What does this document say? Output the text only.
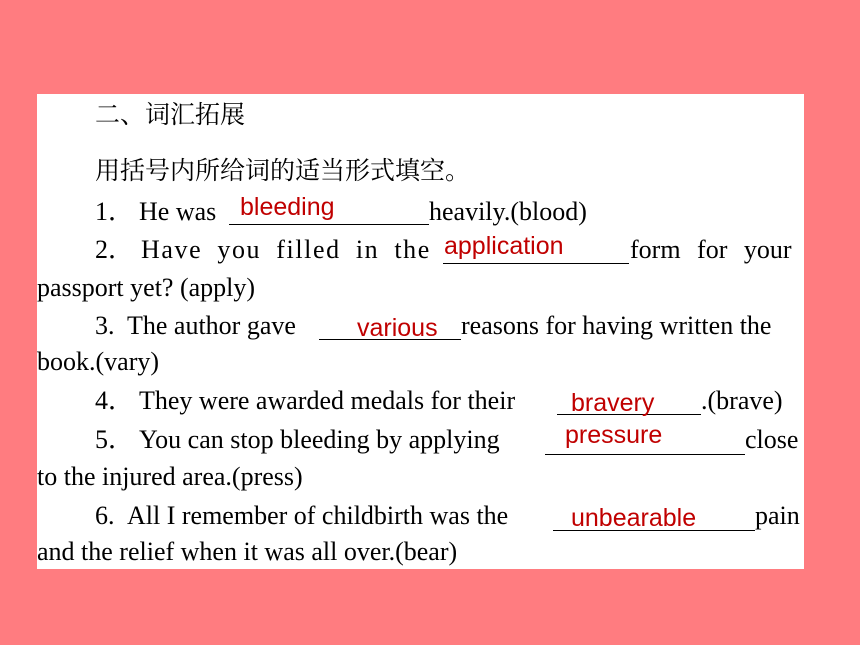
二、词汇拓展
用括号内所给词的适当形式填空。
1． He was bleeding	heavily.(blood)
2． Have you filled in the application	form for your
passport yet? (apply)
3. The author gave various reasons for having written the
book.(vary)
4． They were awarded medals for their bravery .(brave)
5． You can stop bleeding by applying	pressure	close
to the injured area.(press)
6. All I remember of childbirth was the	unbearable pain
and the relief when it was all over.(bear)
